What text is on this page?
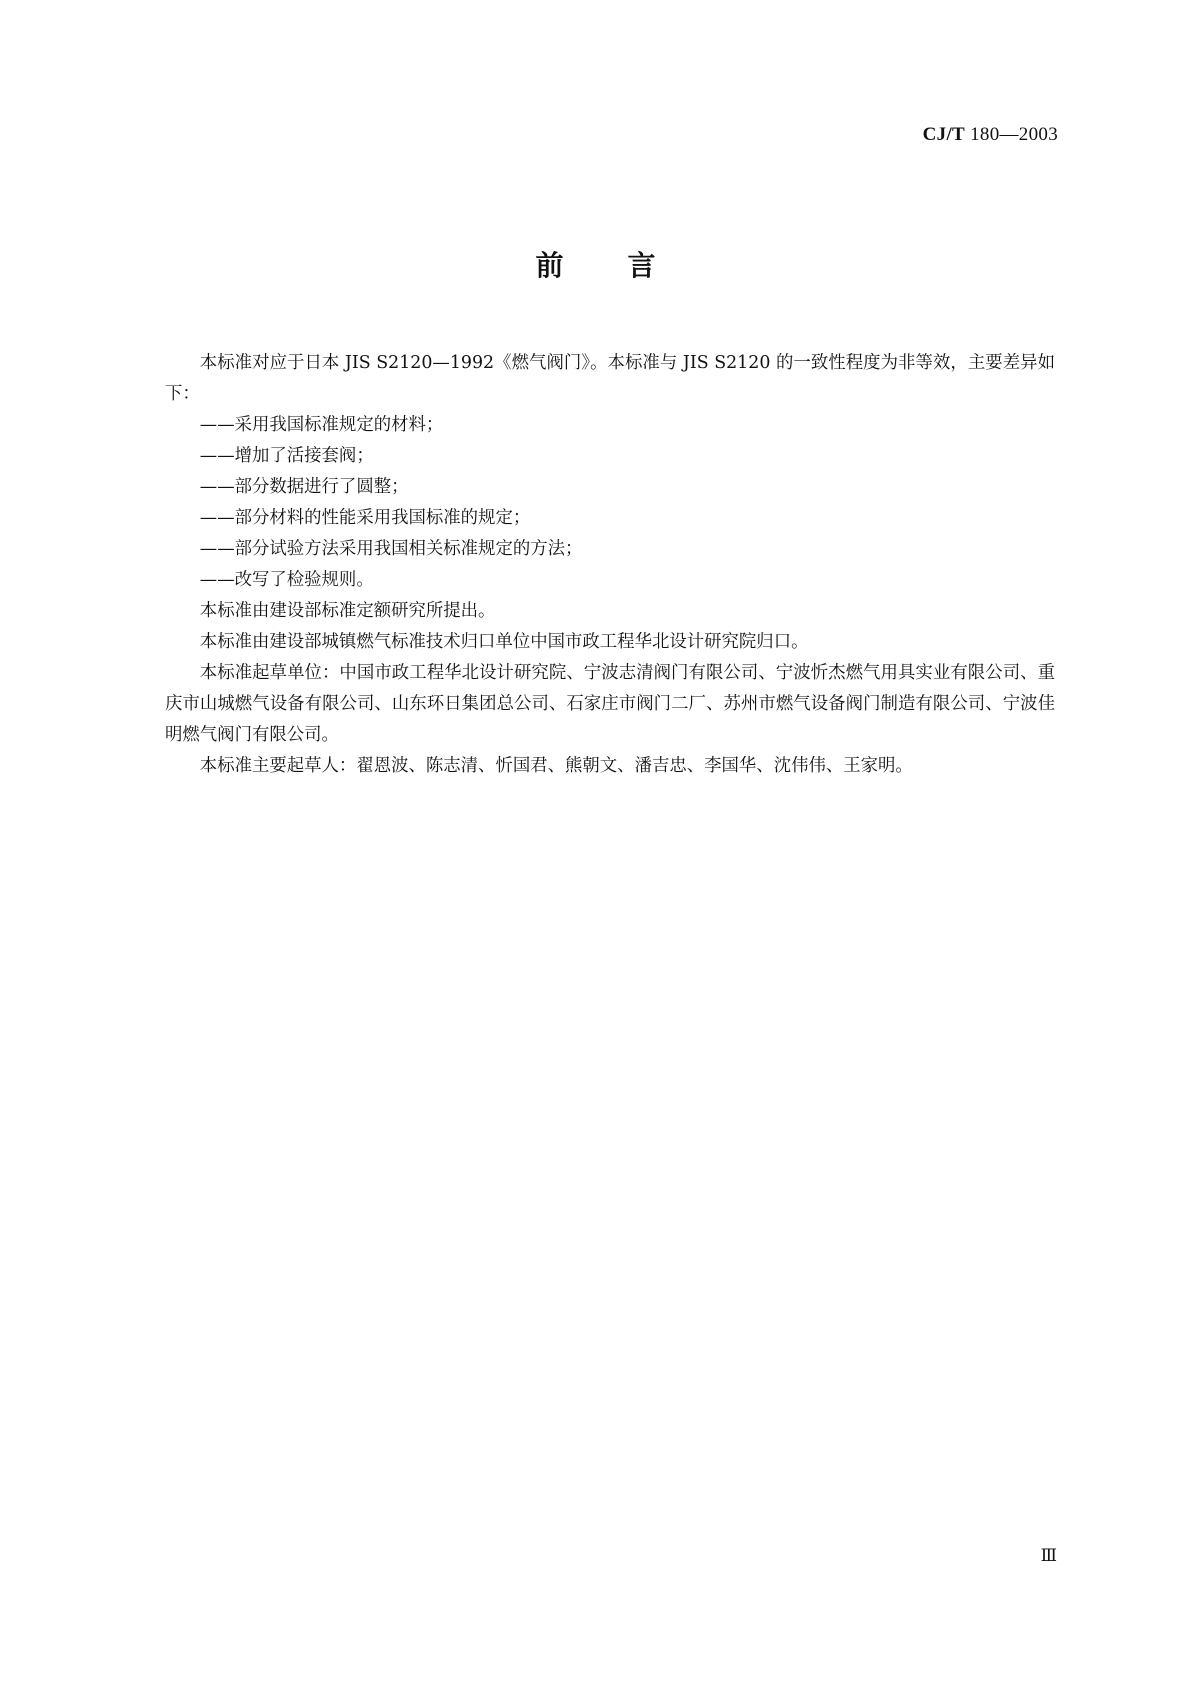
CJ/T 180—2003
前 言

本标准对应于日本 JIS S2120—1992《燃气阀门》。本标准与 JIS S2120 的一致性程度为非等效，主要差异如下：

——采用我国标准规定的材料；
——增加了活接套阀；
——部分数据进行了圆整；
——部分材料的性能采用我国标准的规定；
——部分试验方法采用我国相关标准规定的方法；
——改写了检验规则。

本标准由建设部标准定额研究所提出。

本标准由建设部城镇燃气标准技术归口单位中国市政工程华北设计研究院归口。

本标准起草单位：中国市政工程华北设计研究院、宁波志清阀门有限公司、宁波忻杰燃气用具实业有限公司、重庆市山城燃气设备有限公司、山东环日集团总公司、石家庄市阀门二厂、苏州市燃气设备阀门制造有限公司、宁波佳明燃气阀门有限公司。

本标准主要起草人：翟恩波、陈志清、忻国君、熊朝文、潘吉忠、李国华、沈伟伟、王家明。

Ⅲ
